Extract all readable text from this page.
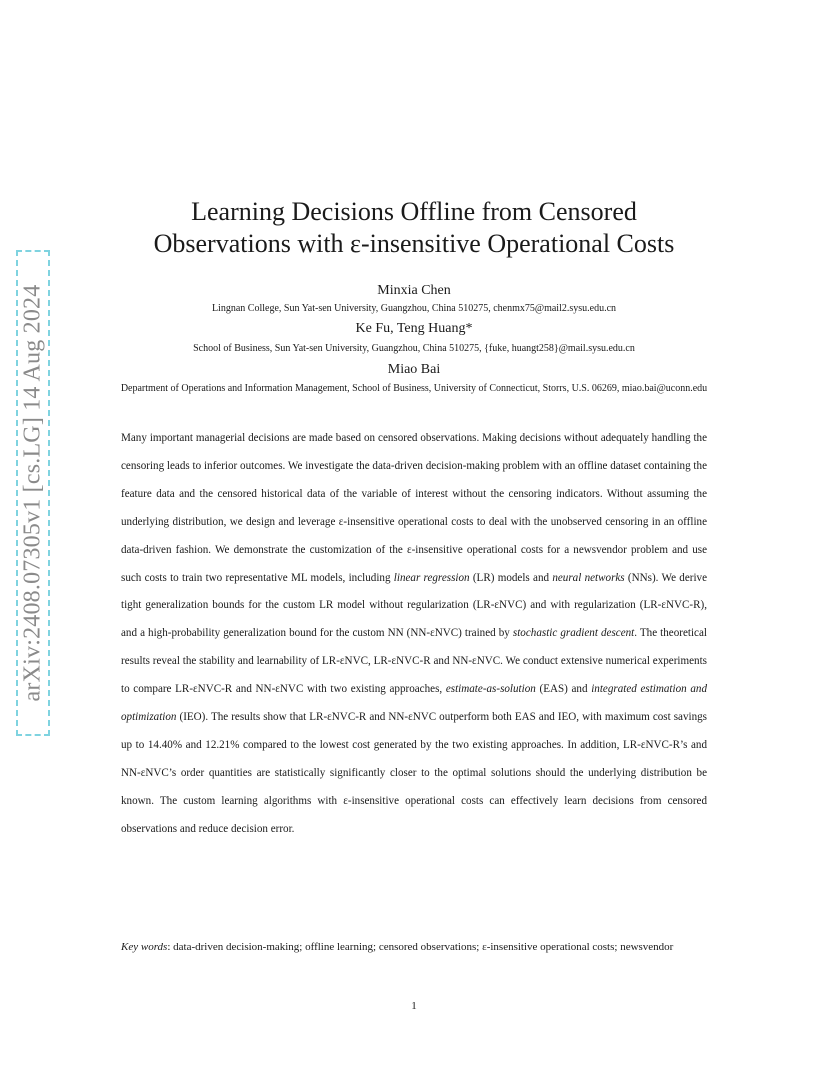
arXiv:2408.07305v1 [cs.LG] 14 Aug 2024
Learning Decisions Offline from Censored
Observations with ε-insensitive Operational Costs
Minxia Chen
Lingnan College, Sun Yat-sen University, Guangzhou, China 510275, chenmx75@mail2.sysu.edu.cn
Ke Fu, Teng Huang*
School of Business, Sun Yat-sen University, Guangzhou, China 510275, {fuke, huangt258}@mail.sysu.edu.cn
Miao Bai
Department of Operations and Information Management, School of Business, University of Connecticut, Storrs, U.S. 06269, miao.bai@uconn.edu
Many important managerial decisions are made based on censored observations. Making decisions without adequately handling the censoring leads to inferior outcomes. We investigate the data-driven decision-making problem with an offline dataset containing the feature data and the censored historical data of the variable of interest without the censoring indicators. Without assuming the underlying distribution, we design and leverage ε-insensitive operational costs to deal with the unobserved censoring in an offline data-driven fashion. We demonstrate the customization of the ε-insensitive operational costs for a newsvendor problem and use such costs to train two representative ML models, including linear regression (LR) models and neural networks (NNs). We derive tight generalization bounds for the custom LR model without regularization (LR-εNVC) and with regularization (LR-εNVC-R), and a high-probability generalization bound for the custom NN (NN-εNVC) trained by stochastic gradient descent. The theoretical results reveal the stability and learnability of LR-εNVC, LR-εNVC-R and NN-εNVC. We conduct extensive numerical experiments to compare LR-εNVC-R and NN-εNVC with two existing approaches, estimate-as-solution (EAS) and integrated estimation and optimization (IEO). The results show that LR-εNVC-R and NN-εNVC outperform both EAS and IEO, with maximum cost savings up to 14.40% and 12.21% compared to the lowest cost generated by the two existing approaches. In addition, LR-εNVC-R’s and NN-εNVC’s order quantities are statistically significantly closer to the optimal solutions should the underlying distribution be known. The custom learning algorithms with ε-insensitive operational costs can effectively learn decisions from censored observations and reduce decision error.
Key words: data-driven decision-making; offline learning; censored observations; ε-insensitive operational costs; newsvendor
1
